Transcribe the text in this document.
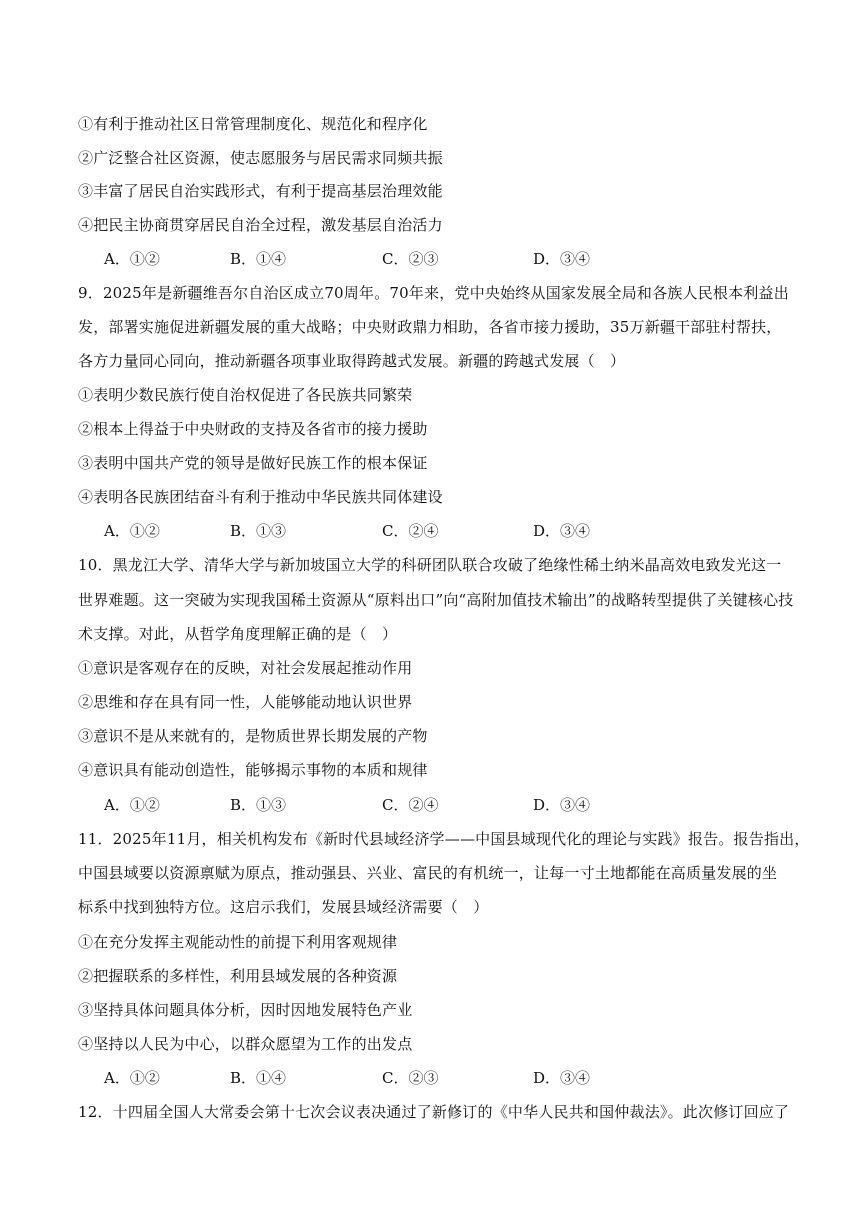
①有利于推动社区日常管理制度化、规范化和程序化
②广泛整合社区资源，使志愿服务与居民需求同频共振
③丰富了居民自治实践形式，有利于提高基层治理效能
④把民主协商贯穿居民自治全过程，激发基层自治活力
A．①②	B．①④	C．②③	D．③④
9．2025年是新疆维吾尔自治区成立70周年。70年来，党中央始终从国家发展全局和各族人民根本利益出
发，部署实施促进新疆发展的重大战略；中央财政鼎力相助，各省市接力援助，35万新疆干部驻村帮扶，
各方力量同心同向，推动新疆各项事业取得跨越式发展。新疆的跨越式发展（　）
①表明少数民族行使自治权促进了各民族共同繁荣
②根本上得益于中央财政的支持及各省市的接力援助
③表明中国共产党的领导是做好民族工作的根本保证
④表明各民族团结奋斗有利于推动中华民族共同体建设
A．①②	B．①③	C．②④	D．③④
10．黑龙江大学、清华大学与新加坡国立大学的科研团队联合攻破了绝缘性稀土纳米晶高效电致发光这一
世界难题。这一突破为实现我国稀土资源从“原料出口”向“高附加值技术输出”的战略转型提供了关键核心技
术支撑。对此，从哲学角度理解正确的是（　）
①意识是客观存在的反映，对社会发展起推动作用
②思维和存在具有同一性，人能够能动地认识世界
③意识不是从来就有的，是物质世界长期发展的产物
④意识具有能动创造性，能够揭示事物的本质和规律
A．①②	B．①③	C．②④	D．③④
11．2025年11月，相关机构发布《新时代县域经济学——中国县域现代化的理论与实践》报告。报告指出，
中国县域要以资源禀赋为原点，推动强县、兴业、富民的有机统一，让每一寸土地都能在高质量发展的坐
标系中找到独特方位。这启示我们，发展县域经济需要（　）
①在充分发挥主观能动性的前提下利用客观规律
②把握联系的多样性，利用县域发展的各种资源
③坚持具体问题具体分析，因时因地发展特色产业
④坚持以人民为中心，以群众愿望为工作的出发点
A．①②	B．①④	C．②③	D．③④
12．十四届全国人大常委会第十七次会议表决通过了新修订的《中华人民共和国仲裁法》。此次修订回应了
